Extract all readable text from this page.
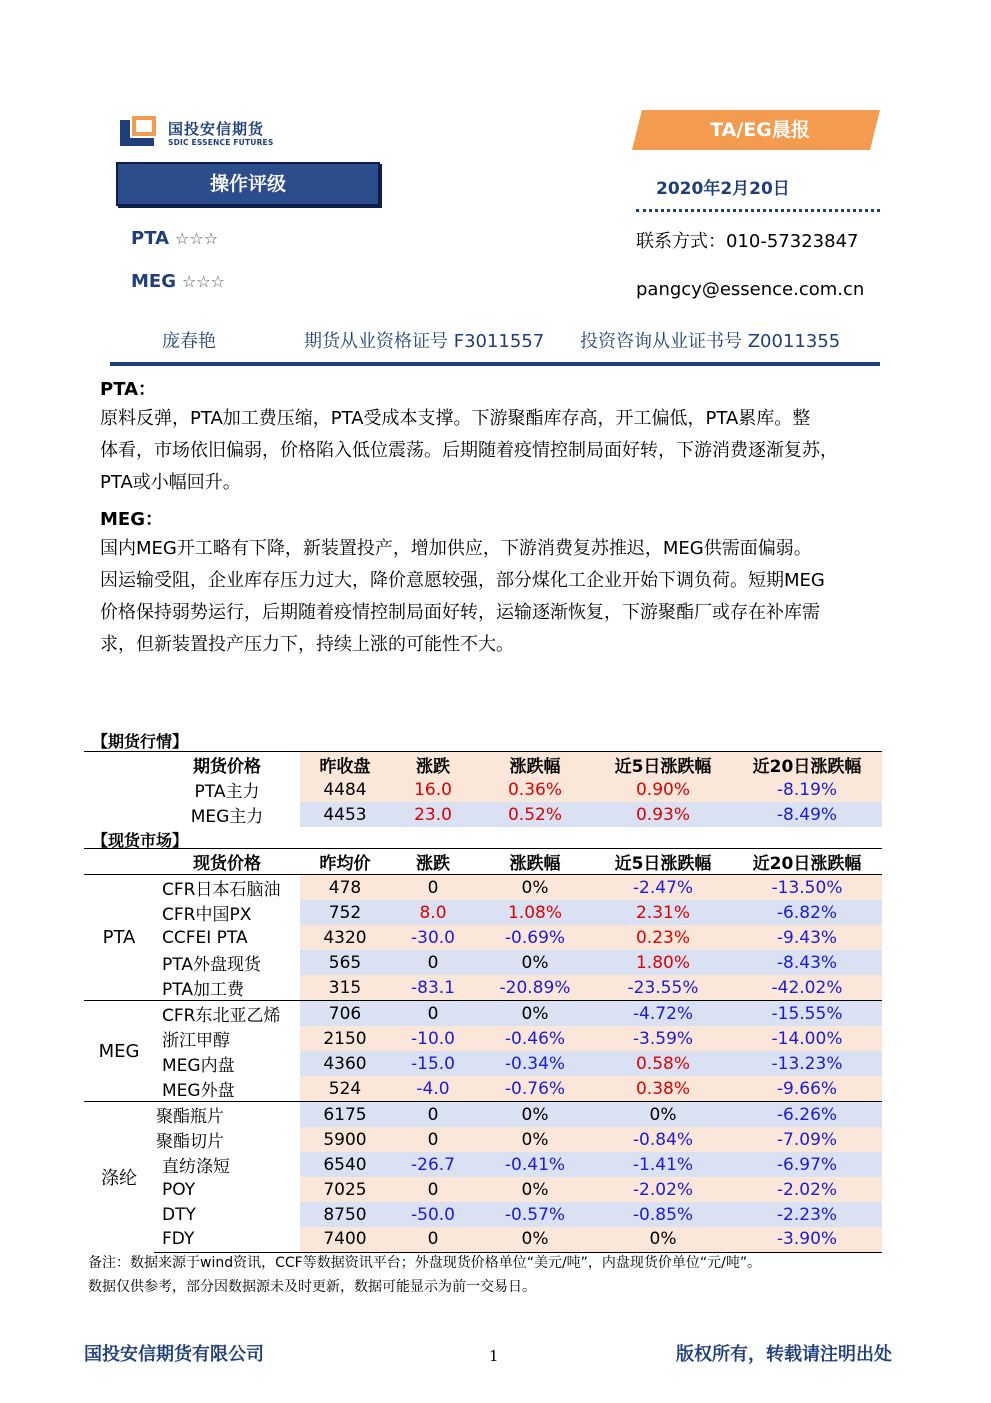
国投安信期货
SDIC ESSENCE FUTURES
TA/EG晨报
操作评级	2020年2月20日
PTA ☆☆☆
MEG ☆☆☆
联系方式：010-57323847
pangcy@essence.com.cn
庞春艳	期货从业资格证号 F3011557 投资咨询从业证书号 Z0011355
PTA：
原料反弹，PTA加工费压缩，PTA受成本支撑。下游聚酯库存高，开工偏低，PTA累库。整
体看，市场依旧偏弱，价格陷入低位震荡。后期随着疫情控制局面好转，下游消费逐渐复苏，
PTA或小幅回升。
MEG：
国内MEG开工略有下降，新装置投产，增加供应，下游消费复苏推迟，MEG供需面偏弱。
因运输受阻，企业库存压力过大，降价意愿较强，部分煤化工企业开始下调负荷。短期MEG
价格保持弱势运行，后期随着疫情控制局面好转，运输逐渐恢复，下游聚酯厂或存在补库需
求，但新装置投产压力下，持续上涨的可能性不大。
【期货行情】
	期货价格	昨收盘	涨跌	涨跌幅	近5日涨跌幅	近20日涨跌幅
	PTA主力	4484	16.0	0.36%	0.90%	-8.19%
	MEG主力	4453	23.0	0.52%	0.93%	-8.49%
【现货市场】
	现货价格	昨均价	涨跌	涨跌幅	近5日涨跌幅	近20日涨跌幅
PTA	CFR日本石脑油	478	0	0%	-2.47%	-13.50%
	CFR中国PX	752	8.0	1.08%	2.31%	-6.82%
	CCFEI PTA	4320	-30.0	-0.69%	0.23%	-9.43%
	PTA外盘现货	565	0	0%	1.80%	-8.43%
	PTA加工费	315	-83.1	-20.89%	-23.55%	-42.02%
MEG	CFR东北亚乙烯	706	0	0%	-4.72%	-15.55%
	浙江甲醇	2150	-10.0	-0.46%	-3.59%	-14.00%
	MEG内盘	4360	-15.0	-0.34%	0.58%	-13.23%
	MEG外盘	524	-4.0	-0.76%	0.38%	-9.66%
涤纶	聚酯瓶片	6175	0	0%	0%	-6.26%
	聚酯切片	5900	0	0%	-0.84%	-7.09%
	直纺涤短	6540	-26.7	-0.41%	-1.41%	-6.97%
	POY	7025	0	0%	-2.02%	-2.02%
	DTY	8750	-50.0	-0.57%	-0.85%	-2.23%
	FDY	7400	0	0%	0%	-3.90%
备注：数据来源于wind资讯，CCF等数据资讯平台；外盘现货价格单位“美元/吨”，内盘现货价单位“元/吨”。
数据仅供参考，部分因数据源未及时更新，数据可能显示为前一交易日。
国投安信期货有限公司	1	版权所有，转载请注明出处
